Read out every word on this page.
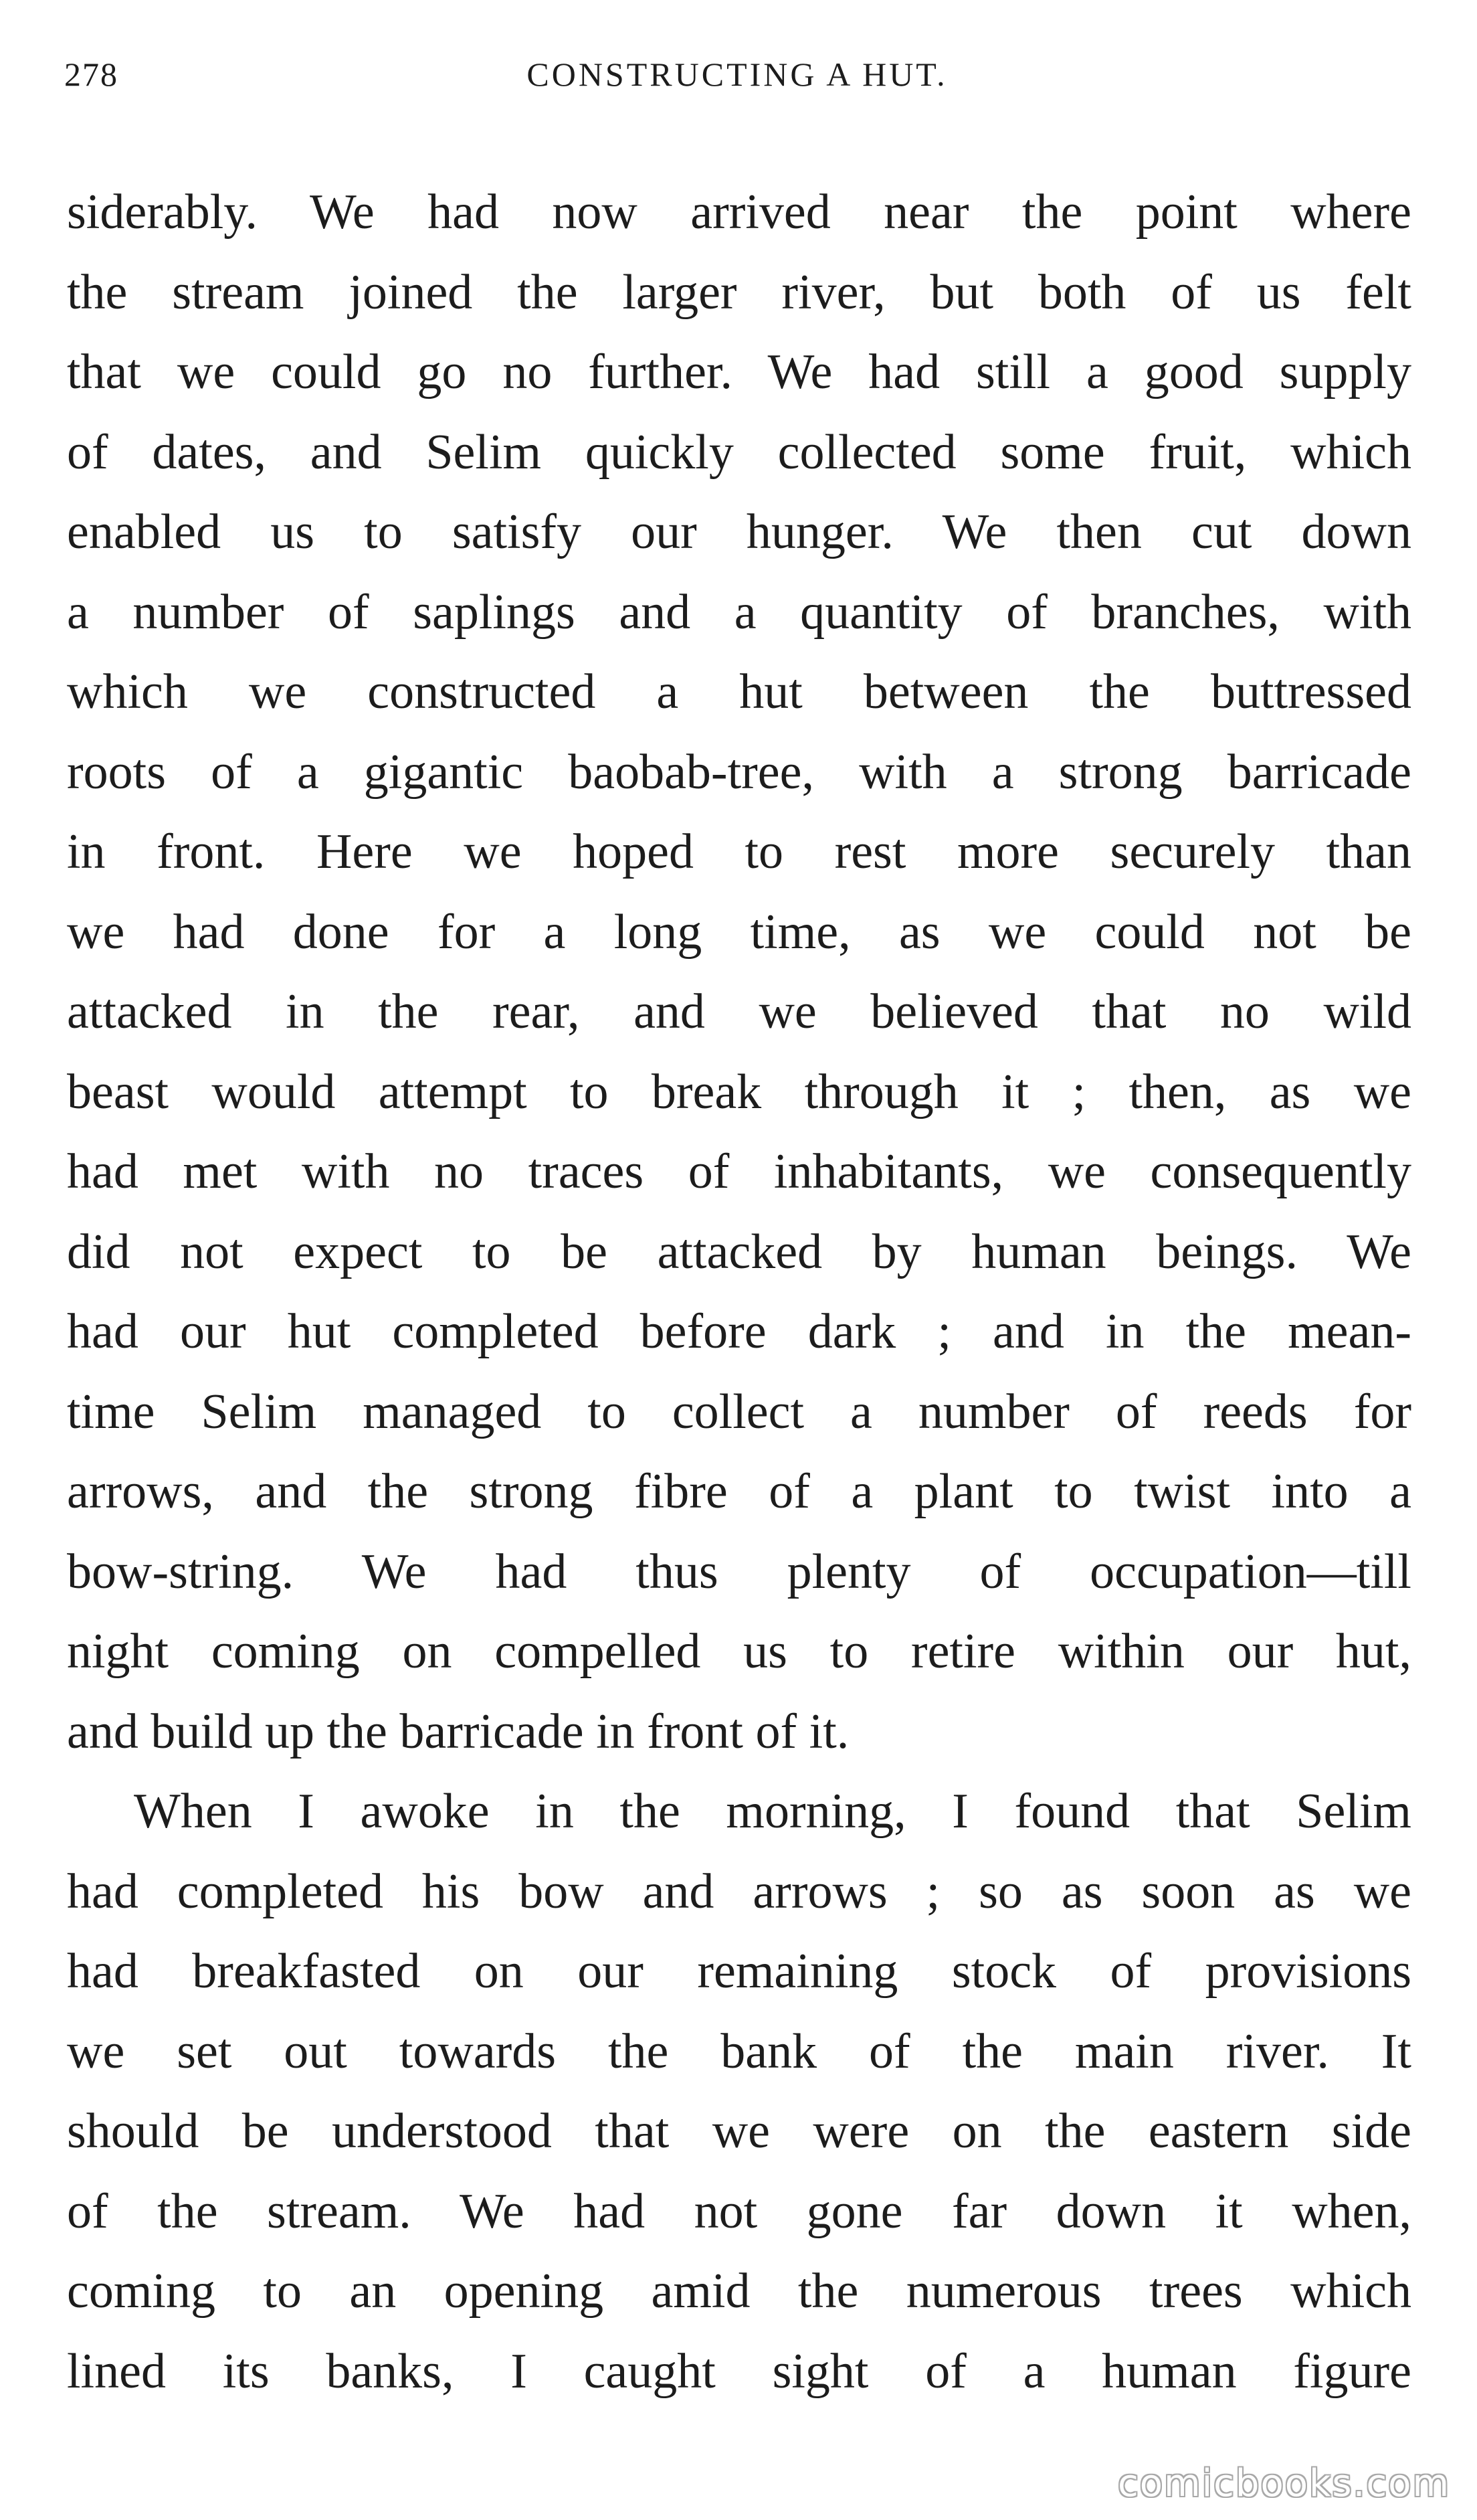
278	CONSTRUCTING A HUT.
siderably. We had now arrived near the point where
the stream joined the larger river, but both of us felt
that we could go no further. We had still a good supply
of dates, and Selim quickly collected some fruit, which
enabled us to satisfy our hunger. We then cut down
a number of saplings and a quantity of branches, with
which we constructed a hut between the buttressed
roots of a gigantic baobab-tree, with a strong barricade
in front. Here we hoped to rest more securely than
we had done for a long time, as we could not be
attacked in the rear, and we believed that no wild
beast would attempt to break through it ; then, as we
had met with no traces of inhabitants, we consequently
did not expect to be attacked by human beings. We
had our hut completed before dark ; and in the mean-
time Selim managed to collect a number of reeds for
arrows, and the strong fibre of a plant to twist into a
bow-string. We had thus plenty of occupation—till
night coming on compelled us to retire within our hut,
and build up the barricade in front of it.
When I awoke in the morning, I found that Selim
had completed his bow and arrows ; so as soon as we
had breakfasted on our remaining stock of provisions
we set out towards the bank of the main river. It
should be understood that we were on the eastern side
of the stream. We had not gone far down it when,
coming to an opening amid the numerous trees which
lined its banks, I caught sight of a human figure
comicbooks.com
